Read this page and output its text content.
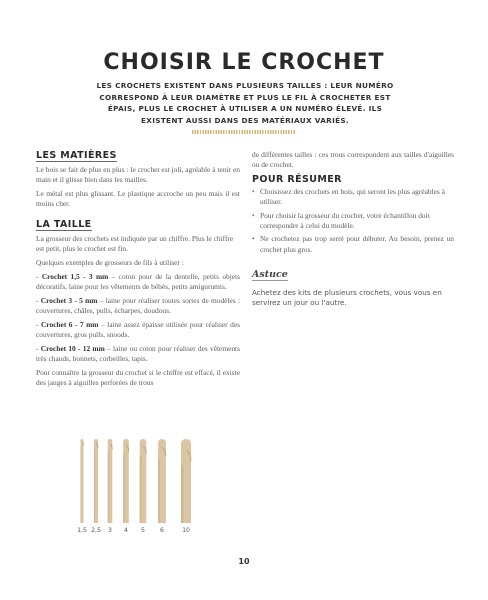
CHOISIR LE CROCHET
LES CROCHETS EXISTENT DANS PLUSIEURS TAILLES : LEUR NUMÉRO CORRESPOND À LEUR DIAMÈTRE ET PLUS LE FIL À CROCHETER EST ÉPAIS, PLUS LE CROCHET À UTILISER A UN NUMÉRO ÉLEVÉ. ILS EXISTENT AUSSI DANS DES MATÉRIAUX VARIÉS.
LES MATIÈRES

Le bois se fait de plus en plus : le crochet est joli, agréable à tenir en main et il glisse bien dans les mailles.

Le métal est plus glissant. Le plastique accroche un peu mais il est moins cher.

LA TAILLE

La grosseur des crochets est indiquée par un chiffre. Plus le chiffre est petit, plus le crochet est fin.

Quelques exemples de grosseurs de fils à utiliser :

- Crochet 1,5 - 3 mm – coton pour de la dentelle, petits objets décoratifs, laine pour les vêtements de bébés, petits amigurumis.

- Crochet 3 - 5 mm – laine pour réaliser toutes sortes de modèles : couvertures, châles, pulls, écharpes, doudous.

- Crochet 6 - 7 mm – laine assez épaisse utilisée pour réaliser des couvertures, gros pulls, snoods.

- Crochet 10 - 12 mm – laine ou coton pour réaliser des vêtements très chauds, bonnets, corbeilles, tapis.

Pour connaître la grosseur du crochet si le chiffre est effacé, il existe des jauges à aiguilles perforées de trous

de différentes tailles : ces trous correspondent aux tailles d'aiguilles ou de crochet.

POUR RÉSUMER
• Choisissez des crochets en bois, qui seront les plus agréables à utiliser.
• Pour choisir la grosseur du crochet, votre échantillon doit correspondre à celui du modèle.
• Ne crochetez pas trop serré pour débuter. Au besoin, prenez un crochet plus gros.
Astuce
Achetez des kits de plusieurs crochets, vous vous en servirez un jour ou l'autre.
1,5 2,5	3	4	5	6	10
10
